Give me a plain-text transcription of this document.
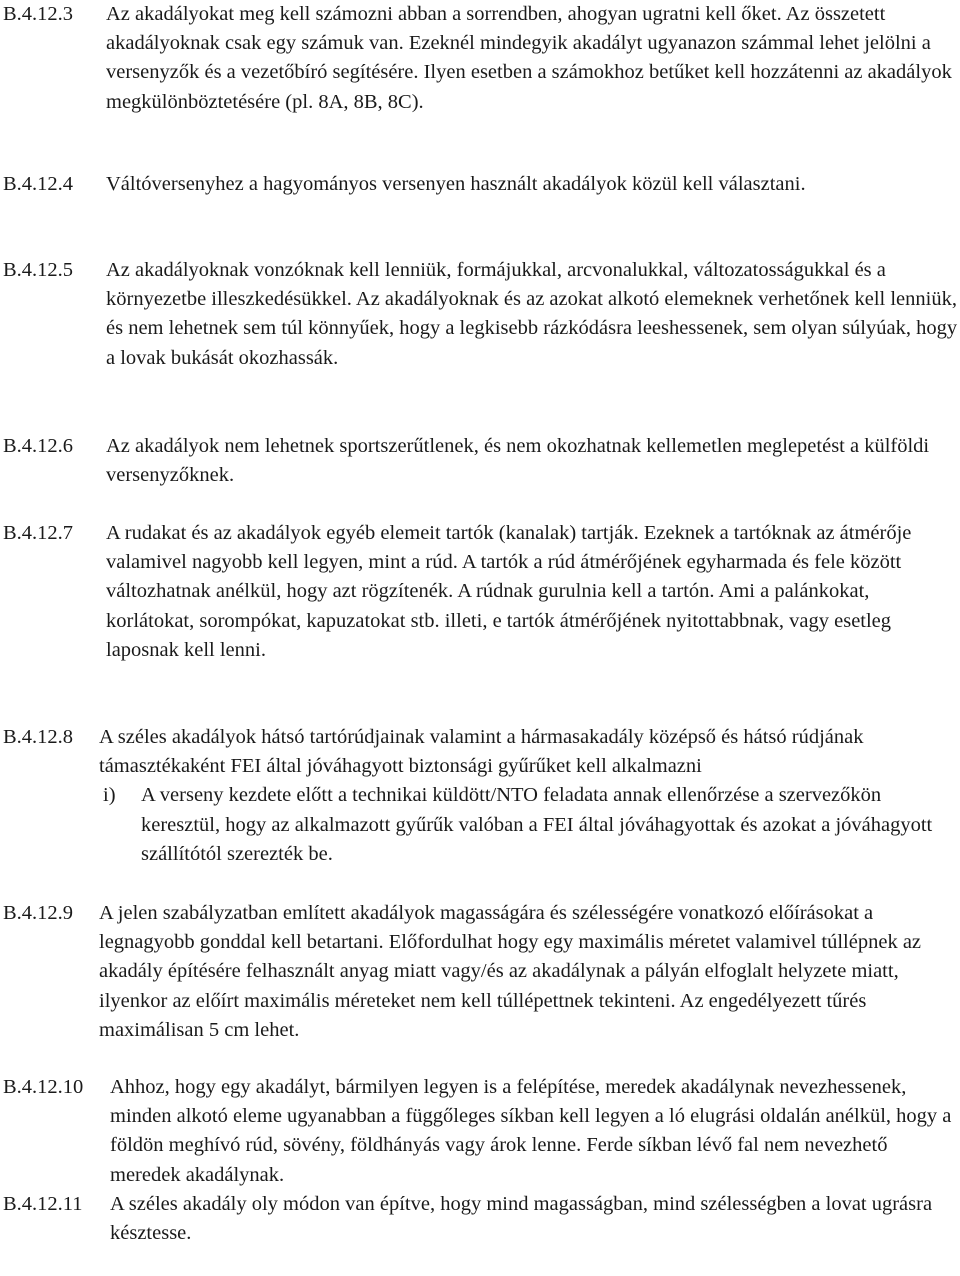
B.4.12.3	Az akadályokat meg kell számozni abban a sorrendben, ahogyan ugratni kell őket. Az összetett akadályoknak csak egy számuk van. Ezeknél mindegyik akadályt ugyanazon számmal lehet jelölni a versenyzők és a vezetőbíró segítésére. Ilyen esetben a számokhoz betűket kell hozzátenni az akadályok megkülönböztetésére (pl. 8A, 8B, 8C).
B.4.12.4	Váltóversenyhez a hagyományos versenyen használt akadályok közül kell választani.
B.4.12.5	Az akadályoknak vonzóknak kell lenniük, formájukkal, arcvonalukkal, változatosságukkal és a környezetbe illeszkedésükkel. Az akadályoknak és az azokat alkotó elemeknek verhetőnek kell lenniük, és nem lehetnek sem túl könnyűek, hogy a legkisebb rázkódásra leeshessenek, sem olyan súlyúak, hogy a lovak bukását okozhassák.
B.4.12.6	Az akadályok nem lehetnek sportszerűtlenek, és nem okozhatnak kellemetlen meglepetést a külföldi versenyzőknek.
B.4.12.7	A rudakat és az akadályok egyéb elemeit tartók (kanalak) tartják. Ezeknek a tartóknak az átmérője valamivel nagyobb kell legyen, mint a rúd. A tartók a rúd átmérőjének egyharmada és fele között változhatnak anélkül, hogy azt rögzítenék. A rúdnak gurulnia kell a tartón. Ami a palánkokat, korlátokat, sorompókat, kapuzatokat stb. illeti, e tartók átmérőjének nyitottabbnak, vagy esetleg laposnak kell lenni.
B.4.12.8	A széles akadályok hátsó tartórúdjainak valamint a hármasakadály középső és hátsó rúdjának támasztékaként FEI által jóváhagyott biztonsági gyűrűket kell alkalmazni
i)	A verseny kezdete előtt a technikai küldött/NTO feladata annak ellenőrzése a szervezőkön keresztül, hogy az alkalmazott gyűrűk valóban a FEI által jóváhagyottak és azokat a jóváhagyott szállítótól szerezték be.
B.4.12.9	A jelen szabályzatban említett akadályok magasságára és szélességére vonatkozó előírásokat a legnagyobb gonddal kell betartani. Előfordulhat hogy egy maximális méretet valamivel túllépnek az akadály építésére felhasznált anyag miatt vagy/és az akadálynak a pályán elfoglalt helyzete miatt, ilyenkor az előírt maximális méreteket nem kell túllépettnek tekinteni. Az engedélyezett tűrés maximálisan 5 cm lehet.
B.4.12.10	Ahhoz, hogy egy akadályt, bármilyen legyen is a felépítése, meredek akadálynak nevezhessenek, minden alkotó eleme ugyanabban a függőleges síkban kell legyen a ló elugrási oldalán anélkül, hogy a földön meghívó rúd, sövény, földhányás vagy árok lenne. Ferde síkban lévő fal nem nevezhető meredek akadálynak.
B.4.12.11	A széles akadály oly módon van építve, hogy mind magasságban, mind szélességben a lovat ugrásra késztesse.
